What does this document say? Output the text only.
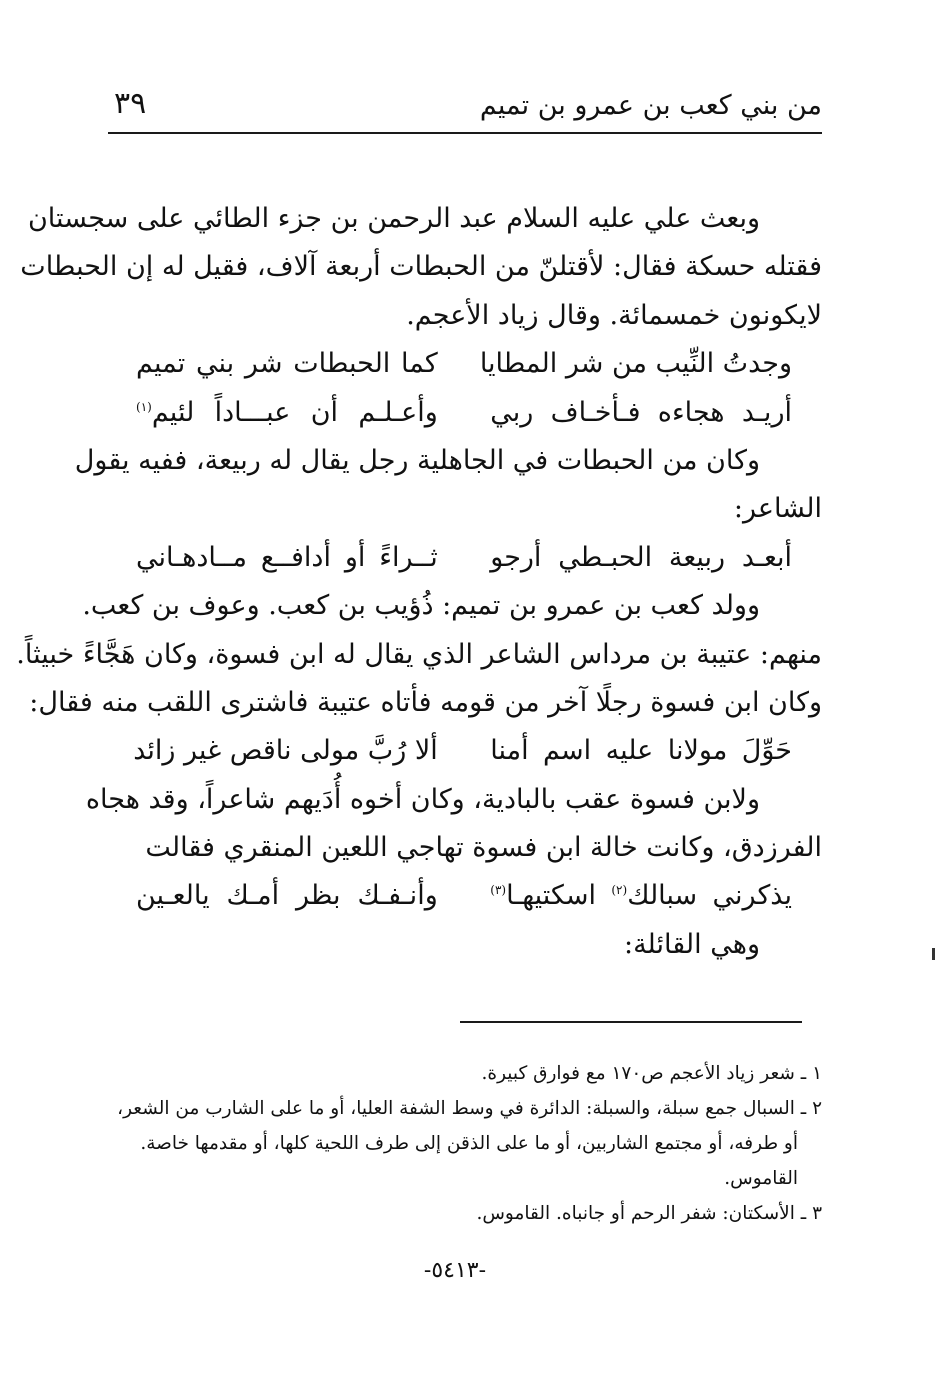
من بني كعب بن عمرو بن تميم
٣٩
وبعث علي عليه السلام عبد الرحمن بن جزء الطائي على سجستان
فقتله حسكة فقال: لأقتلنّ من الحبطات أربعة آلاف، فقيل له إن الحبطات
لايكونون خمسمائة. وقال زياد الأعجم.
وجدتُ النِّيب من شر المطايا
كما الحبطات شر بني تميم
أريـد هجاءه فـأخـاف ربي
وأعـلـم أن عبـــاداً لئيم$^{(١)}$
وكان من الحبطات في الجاهلية رجل يقال له ربيعة، ففيه يقول
الشاعر:
أبعـد ربيعة الحبـطي أرجو
ثــراءً أو أدافــع مــادهـاني
وولد كعب بن عمرو بن تميم: ذُؤيب بن كعب. وعوف بن كعب.
منهم: عتيبة بن مرداس الشاعر الذي يقال له ابن فسوة، وكان هَجَّاءً خبيثاً.
وكان ابن فسوة رجلًا آخر من قومه فأتاه عتيبة فاشترى اللقب منه فقال:
حَوِّلَ مولانا عليه اسم أمنا
ألا رُبَّ مولى ناقص غير زائد
ولابن فسوة عقب بالبادية، وكان أخوه أُدَيهم شاعراً، وقد هجاه
الفرزدق، وكانت خالة ابن فسوة تهاجي اللعين المنقري فقالت
يذكرني سبالك$^{(٢)}$ اسكتيهـا$^{(٣)}$
وأنـفـك بظر أمـك يالعـين
وهي القائلة:
١ ـ شعر زياد الأعجم ص١٧٠ مع فوارق كبيرة.
٢ ـ السبال جمع سبلة، والسبلة: الدائرة في وسط الشفة العليا، أو ما على الشارب من الشعر،
أو طرفه، أو مجتمع الشاربين، أو ما على الذقن إلى طرف اللحية كلها، أو مقدمها خاصة.
القاموس.
٣ ـ الأسكتان: شفر الرحم أو جانباه. القاموس.
-٥٤١٣-
